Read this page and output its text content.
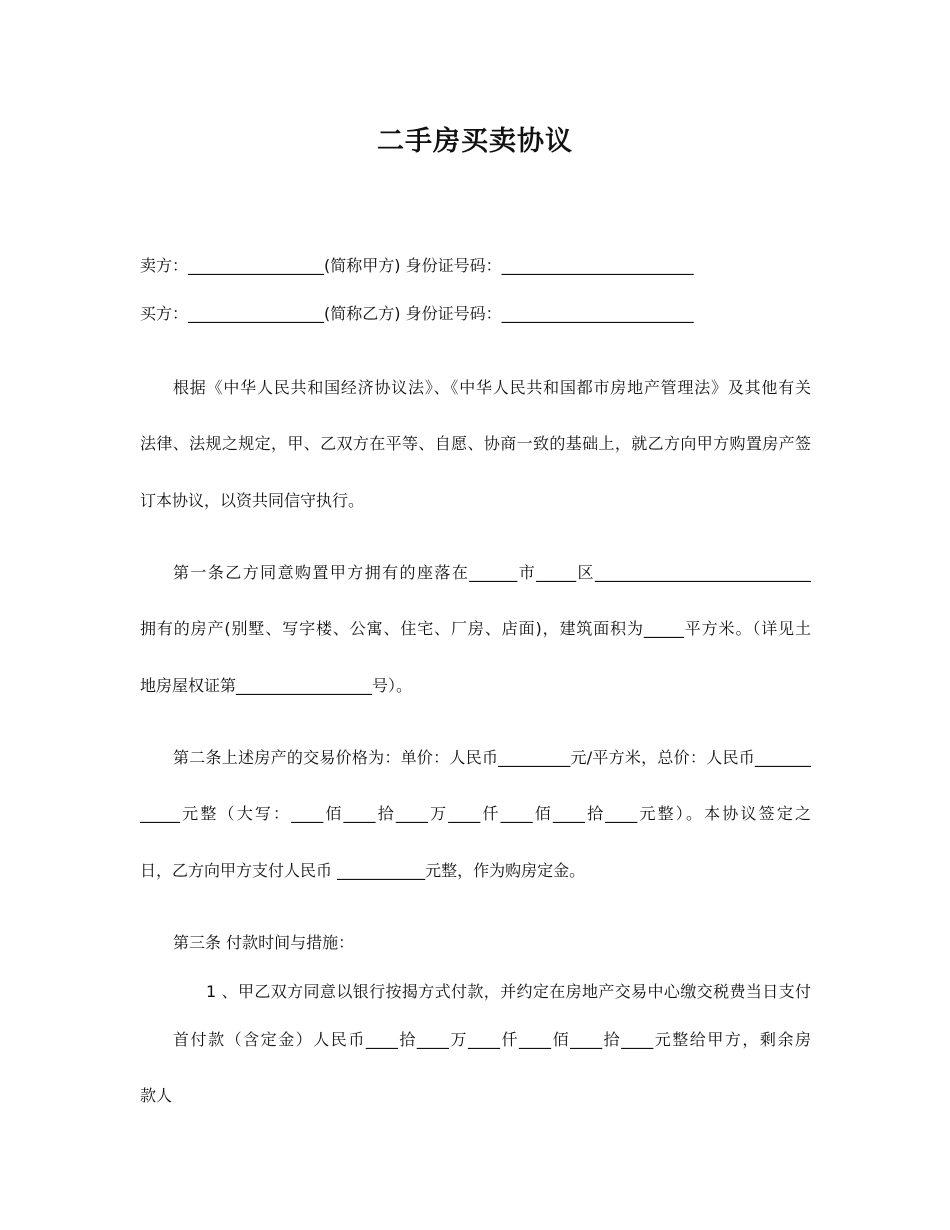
二手房买卖协议
卖方：_________________(简称甲方) 身份证号码：________________________
买方：_________________(简称乙方) 身份证号码：________________________
根据《中华人民共和国经济协议法》、《中华人民共和国都市房地产管理法》及其他有关
法律、法规之规定，甲、乙双方在平等、自愿、协商一致的基础上，就乙方向甲方购置房产签
订本协议，以资共同信守执行。
第一条乙方同意购置甲方拥有的座落在______市_____区___________________________
拥有的房产(别墅、写字楼、公寓、住宅、厂房、店面)，建筑面积为_____平方米。（详见土
地房屋权证第_________________号）。
第二条上述房产的交易价格为：单价：人民币_________元/平方米，总价：人民币_______
_____元整（大写：____佰____拾____万____仟____佰____拾____元整）。本协议签定之
日，乙方向甲方支付人民币 ___________元整，作为购房定金。
第三条 付款时间与措施：
1 、甲乙双方同意以银行按揭方式付款，并约定在房地产交易中心缴交税费当日支付
首付款（含定金）人民币____拾____万____仟____佰____拾____元整给甲方，剩余房
款人
